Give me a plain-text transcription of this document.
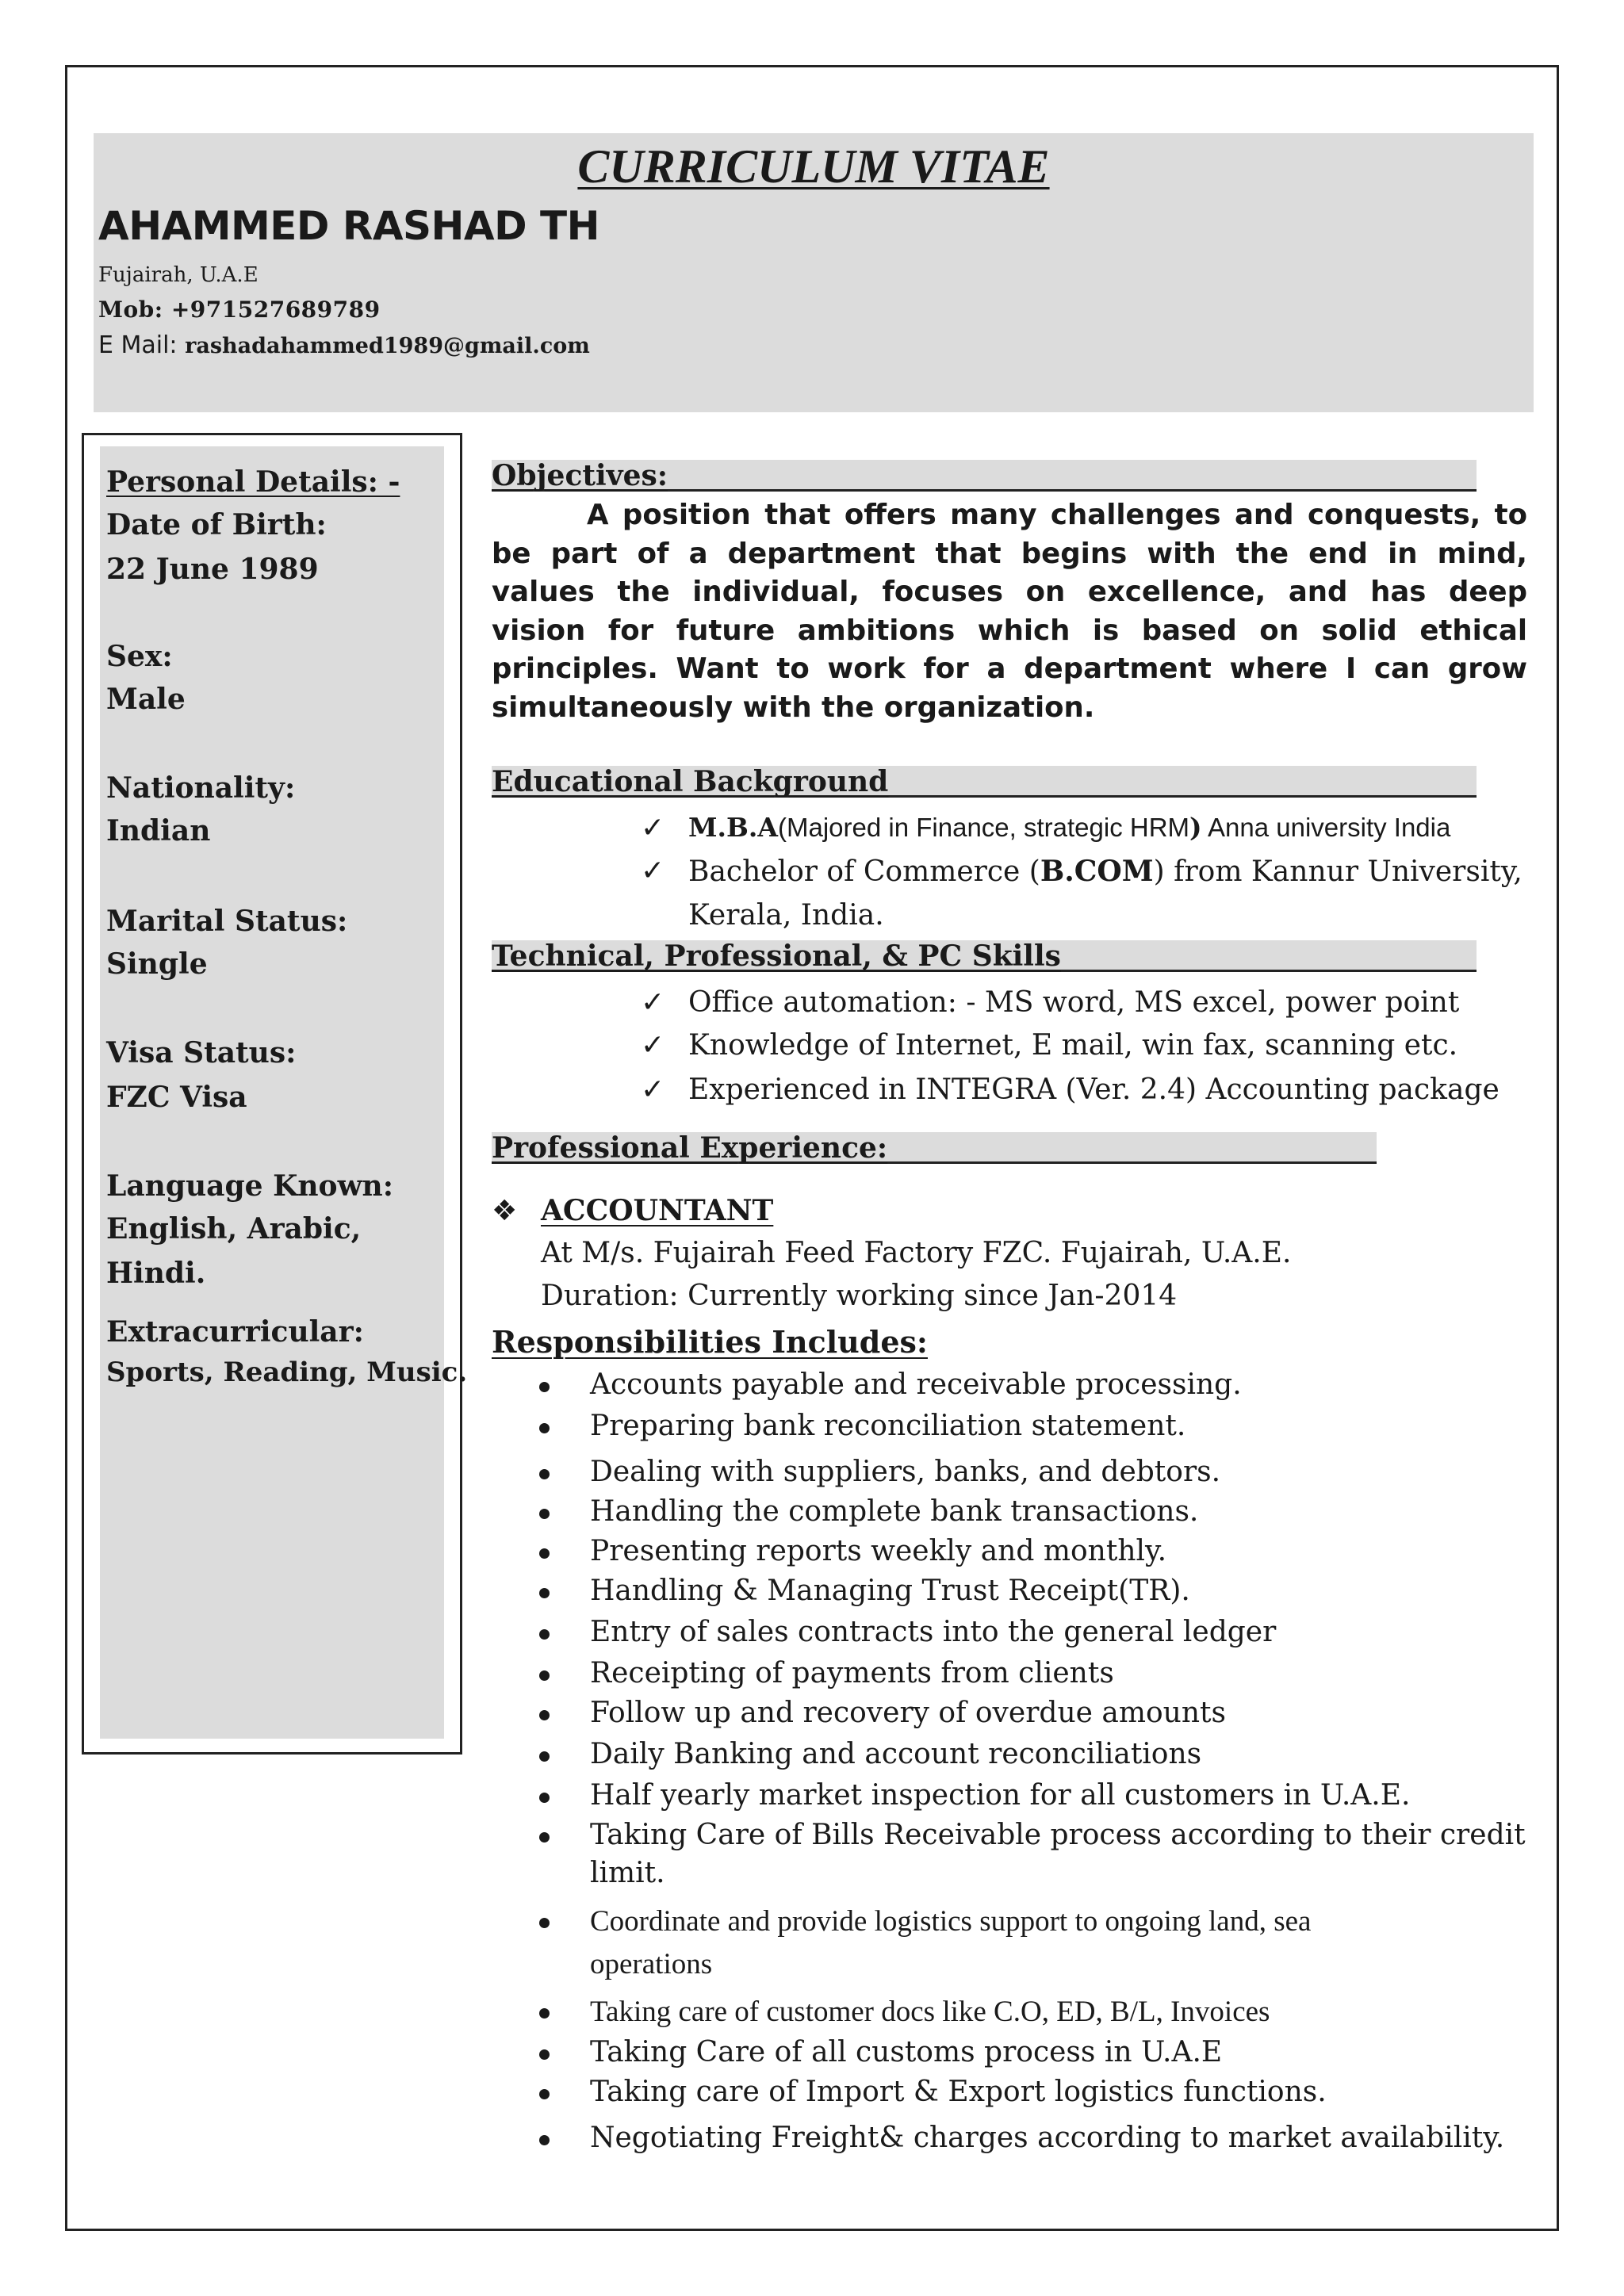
CURRICULUM VITAE
AHAMMED RASHAD TH
Fujairah, U.A.E
Mob: +971527689789
E Mail: rashadahammed1989@gmail.com
Personal Details: -
Date of Birth:
22 June 1989
Sex:
Male
Nationality:
Indian
Marital Status:
Single
Visa Status:
FZC Visa
Language Known:
English, Arabic,
Hindi.
Extracurricular:
Sports, Reading, Music.
Objectives:

A position that offers many challenges and conquests, to be part of a department that begins with the end in mind, values the individual, focuses on excellence, and has deep vision for future ambitions which is based on solid ethical principles. Want to work for a department where I can grow simultaneously with the organization.

Educational Background
✓ M.B.A(Majored in Finance, strategic HRM) Anna university India
✓ Bachelor of Commerce (B.COM) from Kannur University,
Kerala, India.
Technical, Professional, & PC Skills
✓ Office automation: - MS word, MS excel, power point
✓ Knowledge of Internet, E mail, win fax, scanning etc.
✓ Experienced in INTEGRA (Ver. 2.4) Accounting package
Professional Experience:
❖ ACCOUNTANT
At M/s. Fujairah Feed Factory FZC. Fujairah, U.A.E.
Duration: Currently working since Jan-2014
Responsibilities Includes:
Accounts payable and receivable processing.
Preparing bank reconciliation statement.
Dealing with suppliers, banks, and debtors.
Handling the complete bank transactions.
Presenting reports weekly and monthly.
Handling & Managing Trust Receipt(TR).
Entry of sales contracts into the general ledger
Receipting of payments from clients
Follow up and recovery of overdue amounts
Daily Banking and account reconciliations
Half yearly market inspection for all customers in U.A.E.
Taking Care of Bills Receivable process according to their credit
limit.
Coordinate and provide logistics support to ongoing land, sea
operations
Taking care of customer docs like C.O, ED, B/L, Invoices
Taking Care of all customs process in U.A.E
Taking care of Import & Export logistics functions.
Negotiating Freight& charges according to market availability.
